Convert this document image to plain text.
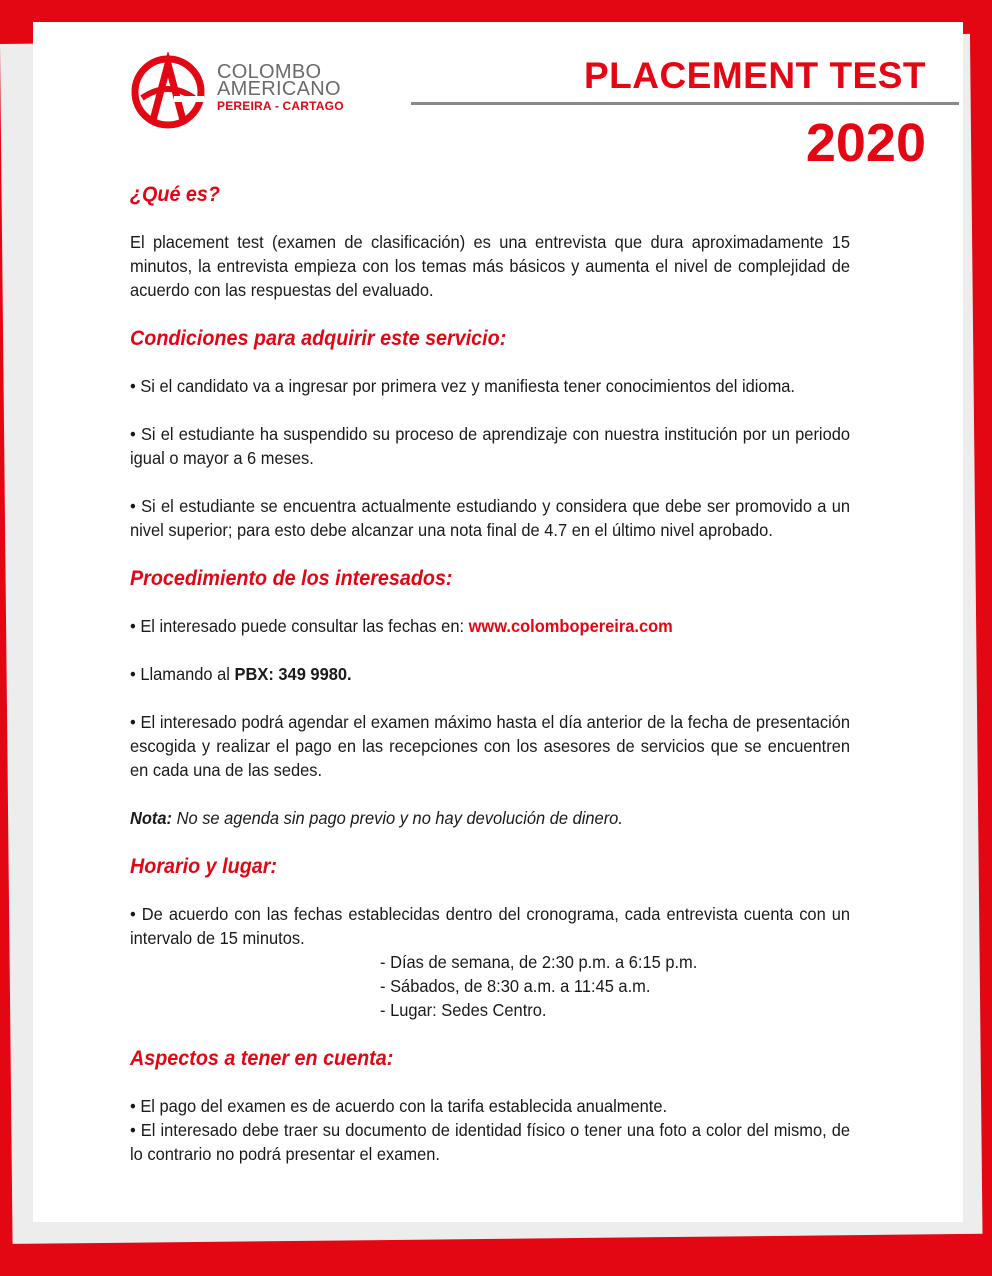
COLOMBO
AMERICANO
PEREIRA - CARTAGO
PLACEMENT TEST
2020
¿Qué es?

El placement test (examen de clasificación) es una entrevista que dura aproximadamente 15 minutos, la entrevista empieza con los temas más básicos y aumenta el nivel de complejidad de acuerdo con las respuestas del evaluado.

Condiciones para adquirir este servicio:

• Si el candidato va a ingresar por primera vez y manifiesta tener conocimientos del idioma.

• Si el estudiante ha suspendido su proceso de aprendizaje con nuestra institución por un periodo igual o mayor a 6 meses.

• Si el estudiante se encuentra actualmente estudiando y considera que debe ser promovido a un nivel superior; para esto debe alcanzar una nota final de 4.7 en el último nivel aprobado.

Procedimiento de los interesados:

• El interesado puede consultar las fechas en: www.colombopereira.com

• Llamando al PBX: 349 9980.

• El interesado podrá agendar el examen máximo hasta el día anterior de la fecha de presentación escogida y realizar el pago en las recepciones con los asesores de servicios que se encuentren en cada una de las sedes.

Nota: No se agenda sin pago previo y no hay devolución de dinero.

Horario y lugar:

• De acuerdo con las fechas establecidas dentro del cronograma, cada entrevista cuenta con un intervalo de 15 minutos.

- Días de semana, de 2:30 p.m. a 6:15 p.m.
- Sábados, de 8:30 a.m. a 11:45 a.m.
- Lugar: Sedes Centro.
Aspectos a tener en cuenta:

• El pago del examen es de acuerdo con la tarifa establecida anualmente.

• El interesado debe traer su documento de identidad físico o tener una foto a color del mismo, de lo contrario no podrá presentar el examen.
